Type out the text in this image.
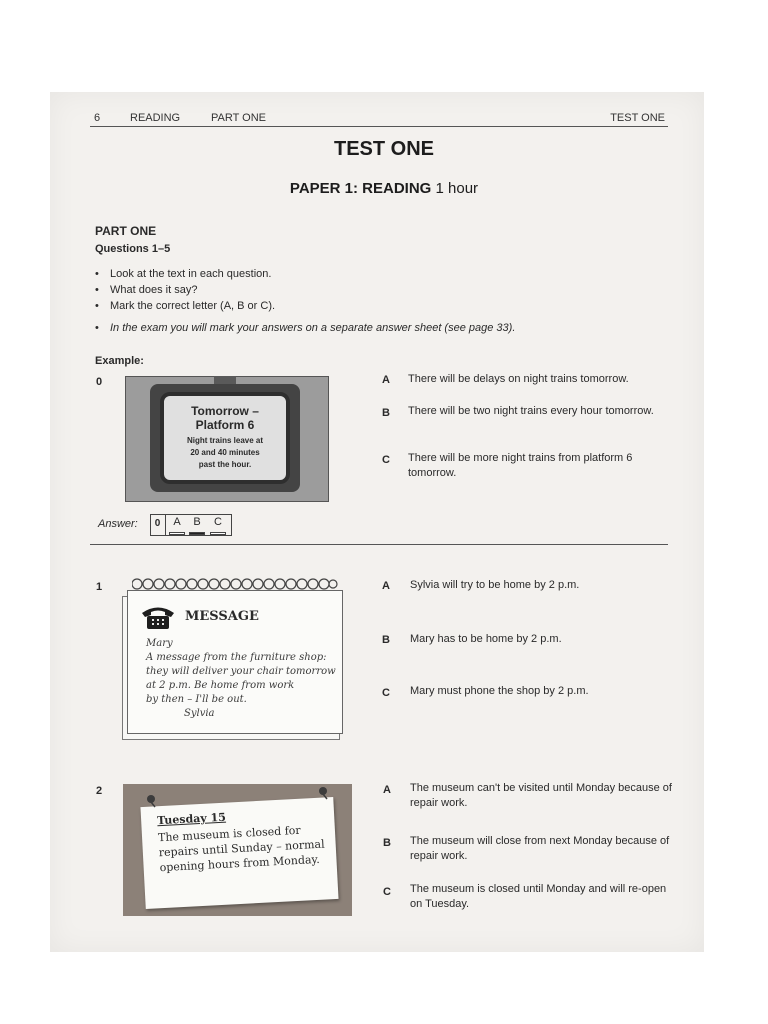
6	READING	PART ONE	TEST ONE
TEST ONE
PAPER 1: READING 1 hour
PART ONE
Questions 1–5
• Look at the text in each question.
• What does it say?
• Mark the correct letter (A, B or C).
• In the exam you will mark your answers on a separate answer sheet (see page 33).
Example:
0
Tomorrow –
Platform 6
Night trains leave at
20 and 40 minutes
past the hour.
A There will be delays on night trains tomorrow.
B There will be two night trains every hour tomorrow.
C There will be more night trains from platform 6 tomorrow.
Answer:	0	A	B	C
1
MESSAGE
Mary
A message from the furniture shop:
they will deliver your chair tomorrow
at 2 p.m. Be home from work
by then – I'll be out.
Sylvia
A Sylvia will try to be home by 2 p.m.
B Mary has to be home by 2 p.m.
C Mary must phone the shop by 2 p.m.
2
Tuesday 15
The museum is closed for repairs until Sunday – normal opening hours from Monday.
A The museum can't be visited until Monday because of repair work.
B The museum will close from next Monday because of repair work.
C The museum is closed until Monday and will re-open on Tuesday.
